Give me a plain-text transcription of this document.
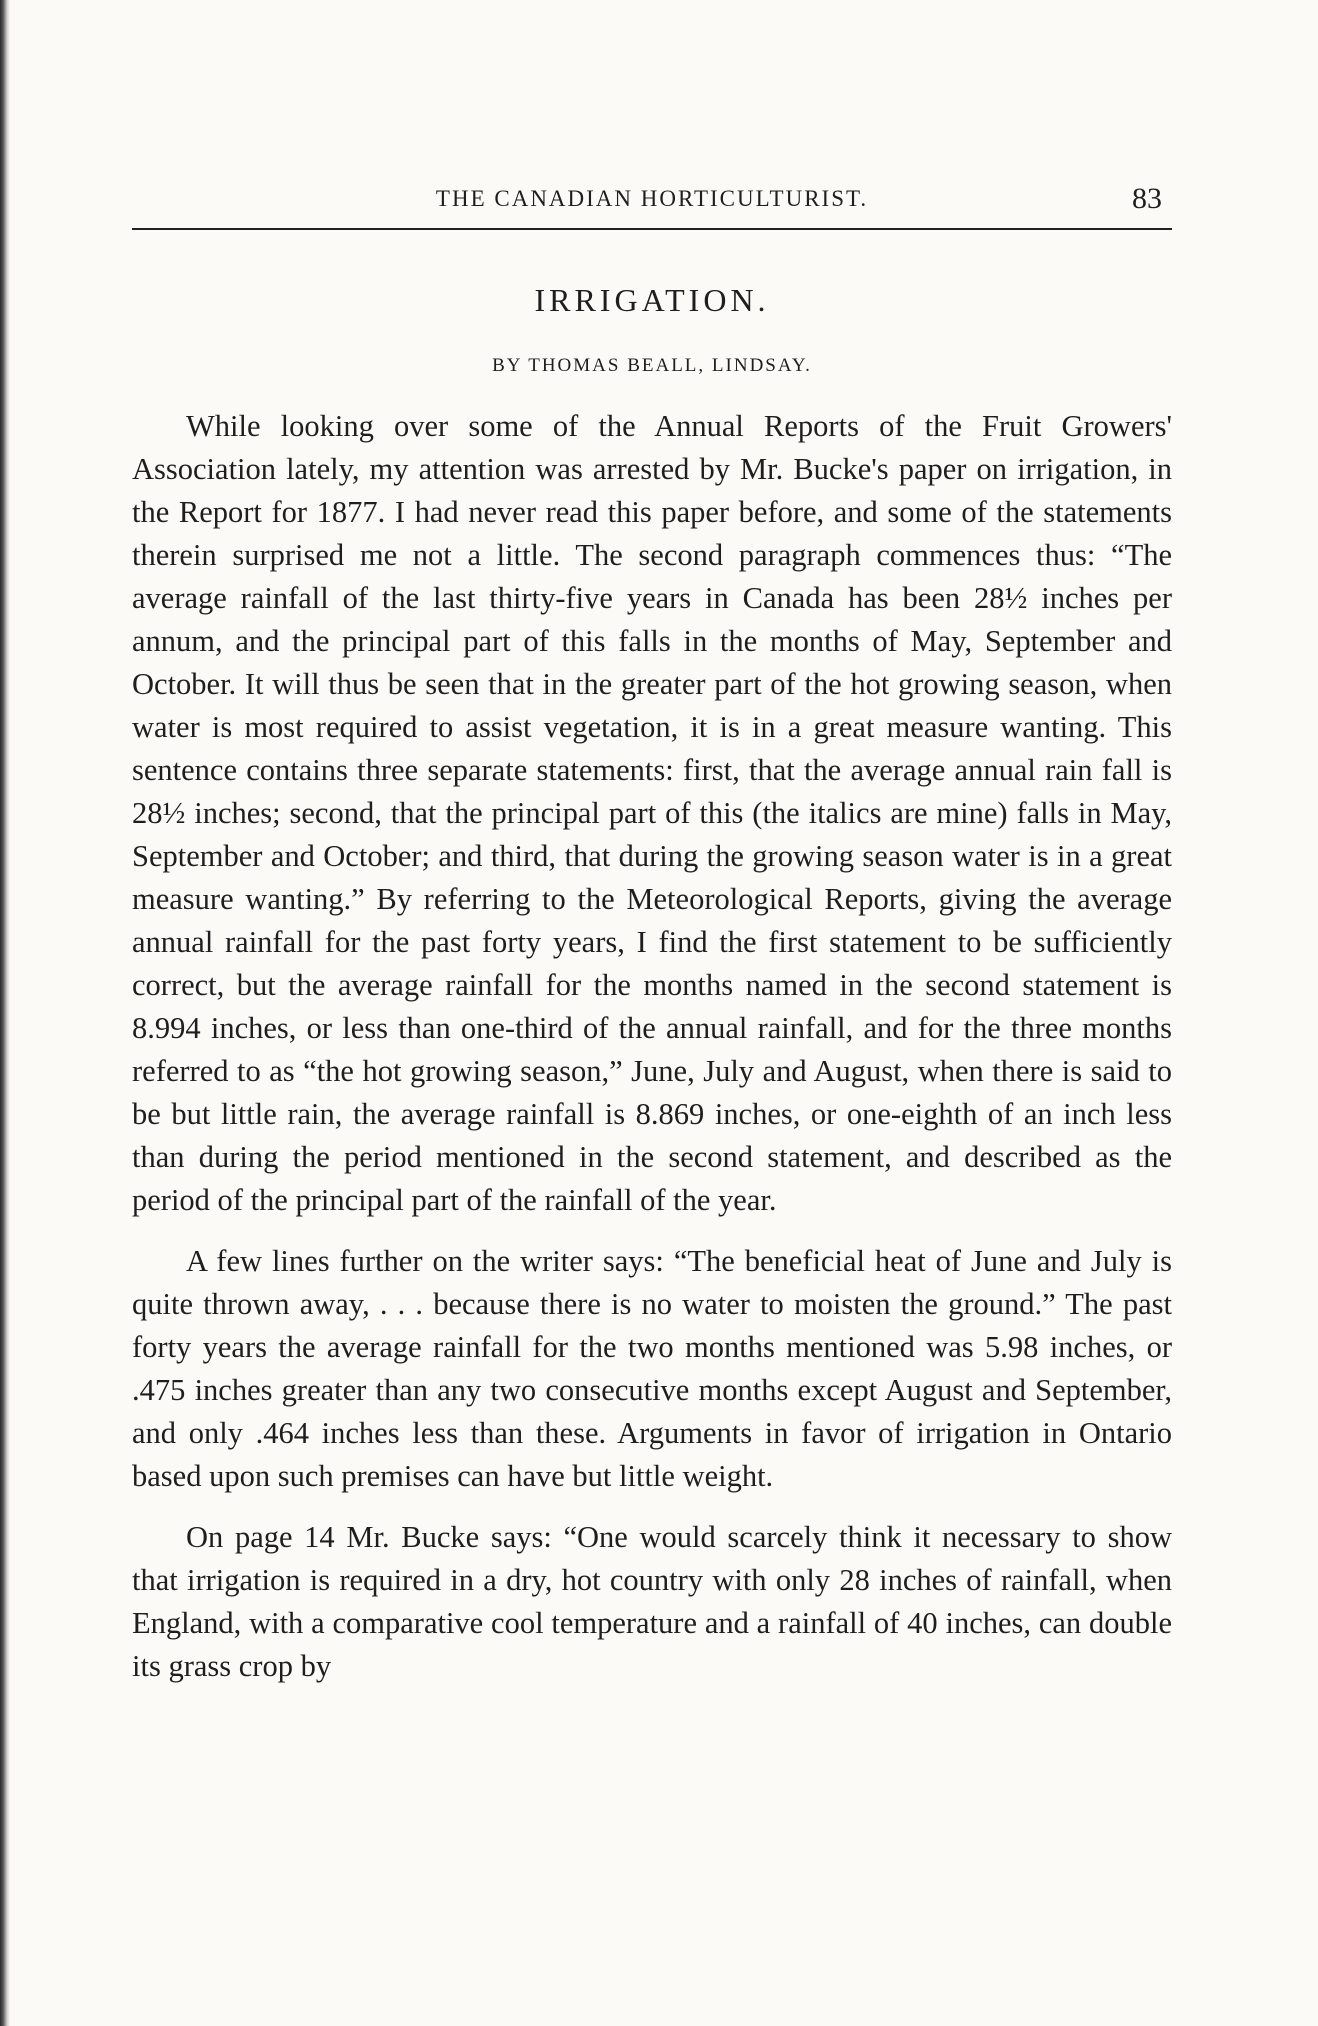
THE CANADIAN HORTICULTURIST.	83
IRRIGATION.
BY THOMAS BEALL, LINDSAY.

While looking over some of the Annual Reports of the Fruit Growers' Association lately, my attention was arrested by Mr. Bucke's paper on irrigation, in the Report for 1877. I had never read this paper before, and some of the statements therein surprised me not a little. The second paragraph commences thus: “The average rainfall of the last thirty-five years in Canada has been 28½ inches per annum, and the principal part of this falls in the months of May, September and October. It will thus be seen that in the greater part of the hot growing season, when water is most required to assist vegetation, it is in a great measure wanting. This sentence contains three separate statements: first, that the average annual rain fall is 28½ inches; second, that the principal part of this (the italics are mine) falls in May, September and October; and third, that during the growing season water is in a great measure wanting.” By referring to the Meteorological Reports, giving the average annual rainfall for the past forty years, I find the first statement to be sufficiently correct, but the average rainfall for the months named in the second statement is 8.994 inches, or less than one-third of the annual rainfall, and for the three months referred to as “the hot growing season,” June, July and August, when there is said to be but little rain, the average rainfall is 8.869 inches, or one-eighth of an inch less than during the period mentioned in the second statement, and described as the period of the principal part of the rainfall of the year.

A few lines further on the writer says: “The beneficial heat of June and July is quite thrown away, . . . because there is no water to moisten the ground.” The past forty years the average rainfall for the two months mentioned was 5.98 inches, or .475 inches greater than any two consecutive months except August and September, and only .464 inches less than these. Arguments in favor of irrigation in Ontario based upon such premises can have but little weight.

On page 14 Mr. Bucke says: “One would scarcely think it necessary to show that irrigation is required in a dry, hot country with only 28 inches of rainfall, when England, with a comparative cool temperature and a rainfall of 40 inches, can double its grass crop by
